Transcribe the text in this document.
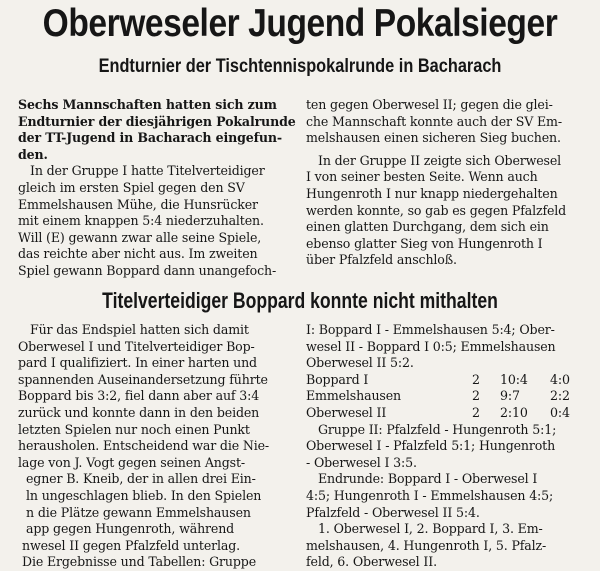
Oberweseler Jugend Pokalsieger
Endturnier der Tischtennispokalrunde in Bacharach
Sechs Mannschaften hatten sich zum
Endturnier der diesjährigen Pokalrunde
der TT-Jugend in Bacharach eingefun-
den.
In der Gruppe I hatte Titelverteidiger
gleich im ersten Spiel gegen den SV
Emmelshausen Mühe, die Hunsrücker
mit einem knappen 5:4 niederzuhalten.
Will (E) gewann zwar alle seine Spiele,
das reichte aber nicht aus. Im zweiten
Spiel gewann Boppard dann unangefoch-
ten gegen Oberwesel II; gegen die glei-
che Mannschaft konnte auch der SV Em-
melshausen einen sicheren Sieg buchen.
In der Gruppe II zeigte sich Oberwesel
I von seiner besten Seite. Wenn auch
Hungenroth I nur knapp niedergehalten
werden konnte, so gab es gegen Pfalzfeld
einen glatten Durchgang, dem sich ein
ebenso glatter Sieg von Hungenroth I
über Pfalzfeld anschloß.
Titelverteidiger Boppard konnte nicht mithalten
Für das Endspiel hatten sich damit
Oberwesel I und Titelverteidiger Bop-
pard I qualifiziert. In einer harten und
spannenden Auseinandersetzung führte
Boppard bis 3:2, fiel dann aber auf 3:4
zurück und konnte dann in den beiden
letzten Spielen nur noch einen Punkt
herausholen. Entscheidend war die Nie-
lage von J. Vogt gegen seinen Angst-
egner B. Kneib, der in allen drei Ein-
ln ungeschlagen blieb. In den Spielen
n die Plätze gewann Emmelshausen
app gegen Hungenroth, während
nwesel II gegen Pfalzfeld unterlag.
Die Ergebnisse und Tabellen: Gruppe
I: Boppard I - Emmelshausen 5:4; Ober-
wesel II - Boppard I 0:5; Emmelshausen
Oberwesel II 5:2.
Boppard I	2	10:4	4:0
Emmelshausen	2	9:7	2:2
Oberwesel II	2	2:10	0:4
Gruppe II: Pfalzfeld - Hungenroth 5:1;
Oberwesel I - Pfalzfeld 5:1; Hungenroth
- Oberwesel I 3:5.
Endrunde: Boppard I - Oberwesel I
4:5; Hungenroth I - Emmelshausen 4:5;
Pfalzfeld - Oberwesel II 5:4.
1. Oberwesel I, 2. Boppard I, 3. Em-
melshausen, 4. Hungenroth I, 5. Pfalz-
feld, 6. Oberwesel II.
